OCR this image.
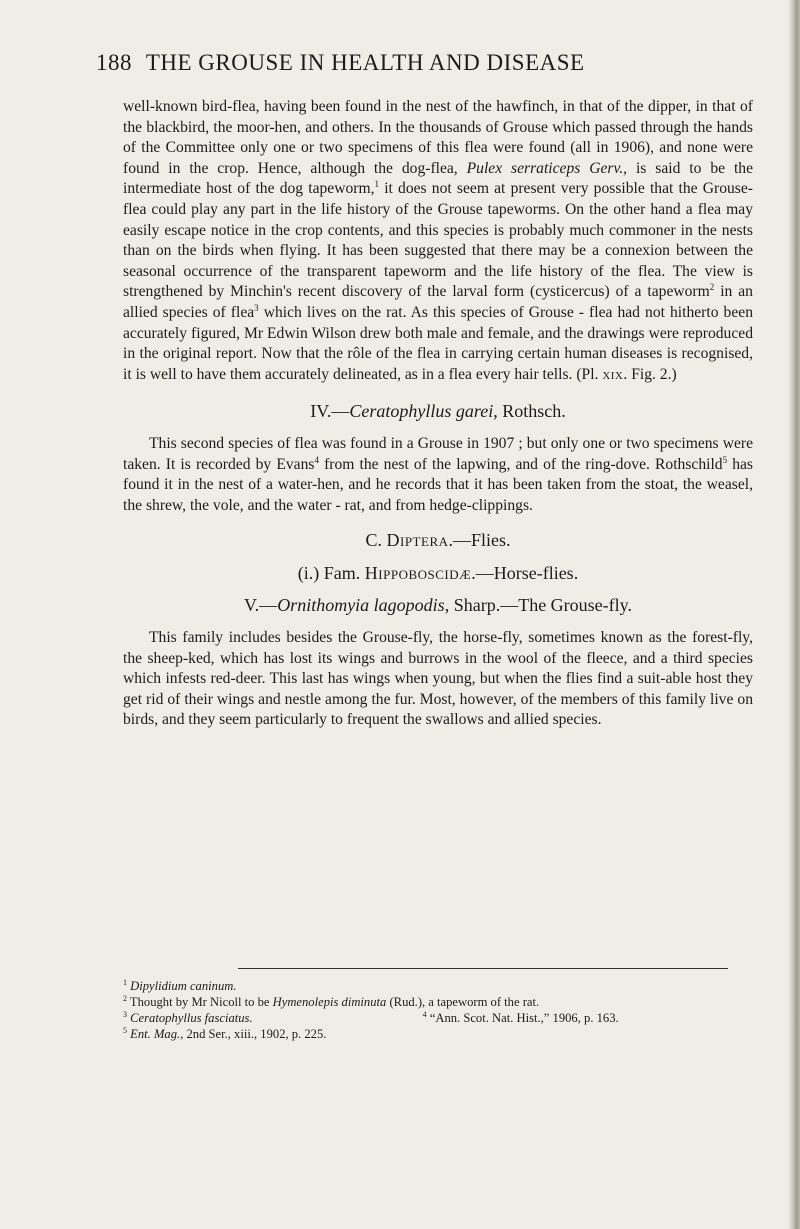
188 THE GROUSE IN HEALTH AND DISEASE

well-known bird-flea, having been found in the nest of the hawfinch, in that of the dipper, in that of the blackbird, the moor-hen, and others. In the thousands of Grouse which passed through the hands of the Committee only one or two specimens of this flea were found (all in 1906), and none were found in the crop. Hence, although the dog-flea, Pulex serraticeps Gerv., is said to be the intermediate host of the dog tapeworm,$^1$ it does not seem at present very possible that the Grouse-flea could play any part in the life history of the Grouse tapeworms. On the other hand a flea may easily escape notice in the crop contents, and this species is probably much commoner in the nests than on the birds when flying. It has been suggested that there may be a connexion between the seasonal occurrence of the transparent tapeworm and the life history of the flea. The view is strengthened by Minchin's recent discovery of the larval form (cysticercus) of a tapeworm$^2$ in an allied species of flea$^3$ which lives on the rat. As this species of Grouse - flea had not hitherto been accurately figured, Mr Edwin Wilson drew both male and female, and the drawings were reproduced in the original report. Now that the rôle of the flea in carrying certain human diseases is recognised, it is well to have them accurately delineated, as in a flea every hair tells. (Pl. xix. Fig. 2.)

IV.—Ceratophyllus garei, Rothsch.

This second species of flea was found in a Grouse in 1907 ; but only one or two specimens were taken. It is recorded by Evans$^4$ from the nest of the lapwing, and of the ring-dove. Rothschild$^5$ has found it in the nest of a water-hen, and he records that it has been taken from the stoat, the weasel, the shrew, the vole, and the water - rat, and from hedge-clippings.

C. Diptera.—Flies.
(i.) Fam. Hippoboscidæ.—Horse-flies.
V.—Ornithomyia lagopodis, Sharp.—The Grouse-fly.

This family includes besides the Grouse-fly, the horse-fly, sometimes known as the forest-fly, the sheep-ked, which has lost its wings and burrows in the wool of the fleece, and a third species which infests red-deer. This last has wings when young, but when the flies find a suit-able host they get rid of their wings and nestle among the fur. Most, however, of the members of this family live on birds, and they seem particularly to frequent the swallows and allied species.

$^1$ Dipylidium caninum.
$^2$ Thought by Mr Nicoll to be Hymenolepis diminuta (Rud.), a tapeworm of the rat.
$^3$ Ceratophyllus fasciatus.	$^4$ “Ann. Scot. Nat. Hist.,” 1906, p. 163.
$^5$ Ent. Mag., 2nd Ser., xiii., 1902, p. 225.
